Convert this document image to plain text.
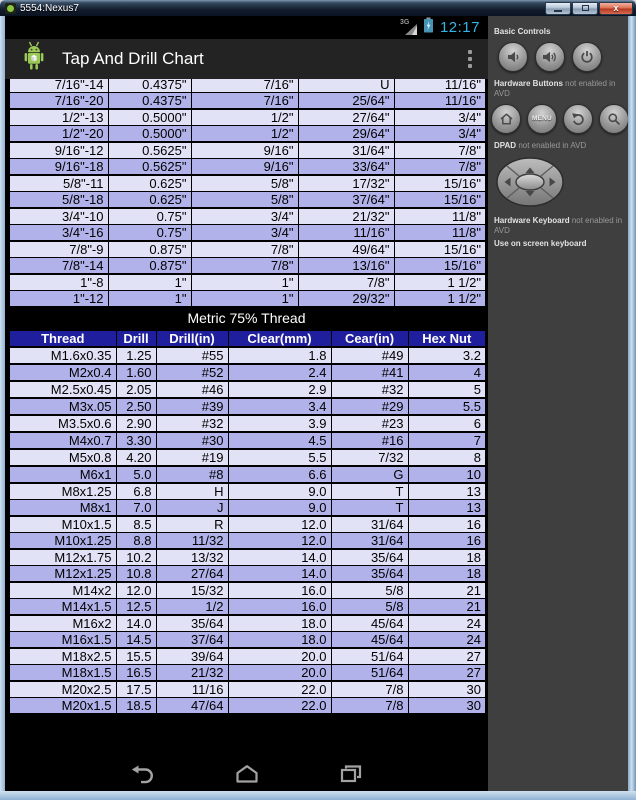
5554:Nexus7	x
3G 12:17
Tap And Drill Chart
7/16"-14	0.4375"	7/16"	U	11/16"
7/16"-20	0.4375"	7/16"	25/64"	11/16"
1/2"-13	0.5000"	1/2"	27/64"	3/4"
1/2"-20	0.5000"	1/2"	29/64"	3/4"
9/16"-12	0.5625"	9/16"	31/64"	7/8"
9/16"-18	0.5625"	9/16"	33/64"	7/8"
5/8"-11	0.625"	5/8"	17/32"	15/16"
5/8"-18	0.625"	5/8"	37/64"	15/16"
3/4"-10	0.75"	3/4"	21/32"	11/8"
3/4"-16	0.75"	3/4"	11/16"	11/8"
7/8"-9	0.875"	7/8"	49/64"	15/16"
7/8"-14	0.875"	7/8"	13/16"	15/16"
1"-8	1"	1"	7/8"	1 1/2"
1"-12	1"	1"	29/32"	1 1/2"
Metric 75% Thread
Thread	Drill	Drill(in)	Clear(mm)	Cear(in)	Hex Nut
M1.6x0.35	1.25	#55	1.8	#49	3.2
M2x0.4	1.60	#52	2.4	#41	4
M2.5x0.45	2.05	#46	2.9	#32	5
M3x.05	2.50	#39	3.4	#29	5.5
M3.5x0.6	2.90	#32	3.9	#23	6
M4x0.7	3.30	#30	4.5	#16	7
M5x0.8	4.20	#19	5.5	7/32	8
M6x1	5.0	#8	6.6	G	10
M8x1.25	6.8	H	9.0	T	13
M8x1	7.0	J	9.0	T	13
M10x1.5	8.5	R	12.0	31/64	16
M10x1.25	8.8	11/32	12.0	31/64	16
M12x1.75	10.2	13/32	14.0	35/64	18
M12x1.25	10.8	27/64	14.0	35/64	18
M14x2	12.0	15/32	16.0	5/8	21
M14x1.5	12.5	1/2	16.0	5/8	21
M16x2	14.0	35/64	18.0	45/64	24
M16x1.5	14.5	37/64	18.0	45/64	24
M18x2.5	15.5	39/64	20.0	51/64	27
M18x1.5	16.5	21/32	20.0	51/64	27
M20x2.5	17.5	11/16	22.0	7/8	30
M20x1.5	18.5	47/64	22.0	7/8	30
Basic Controls
Hardware Buttons not enabled in AVD
MENU
DPAD not enabled in AVD
Hardware Keyboard not enabled in AVD
Use on screen keyboard
